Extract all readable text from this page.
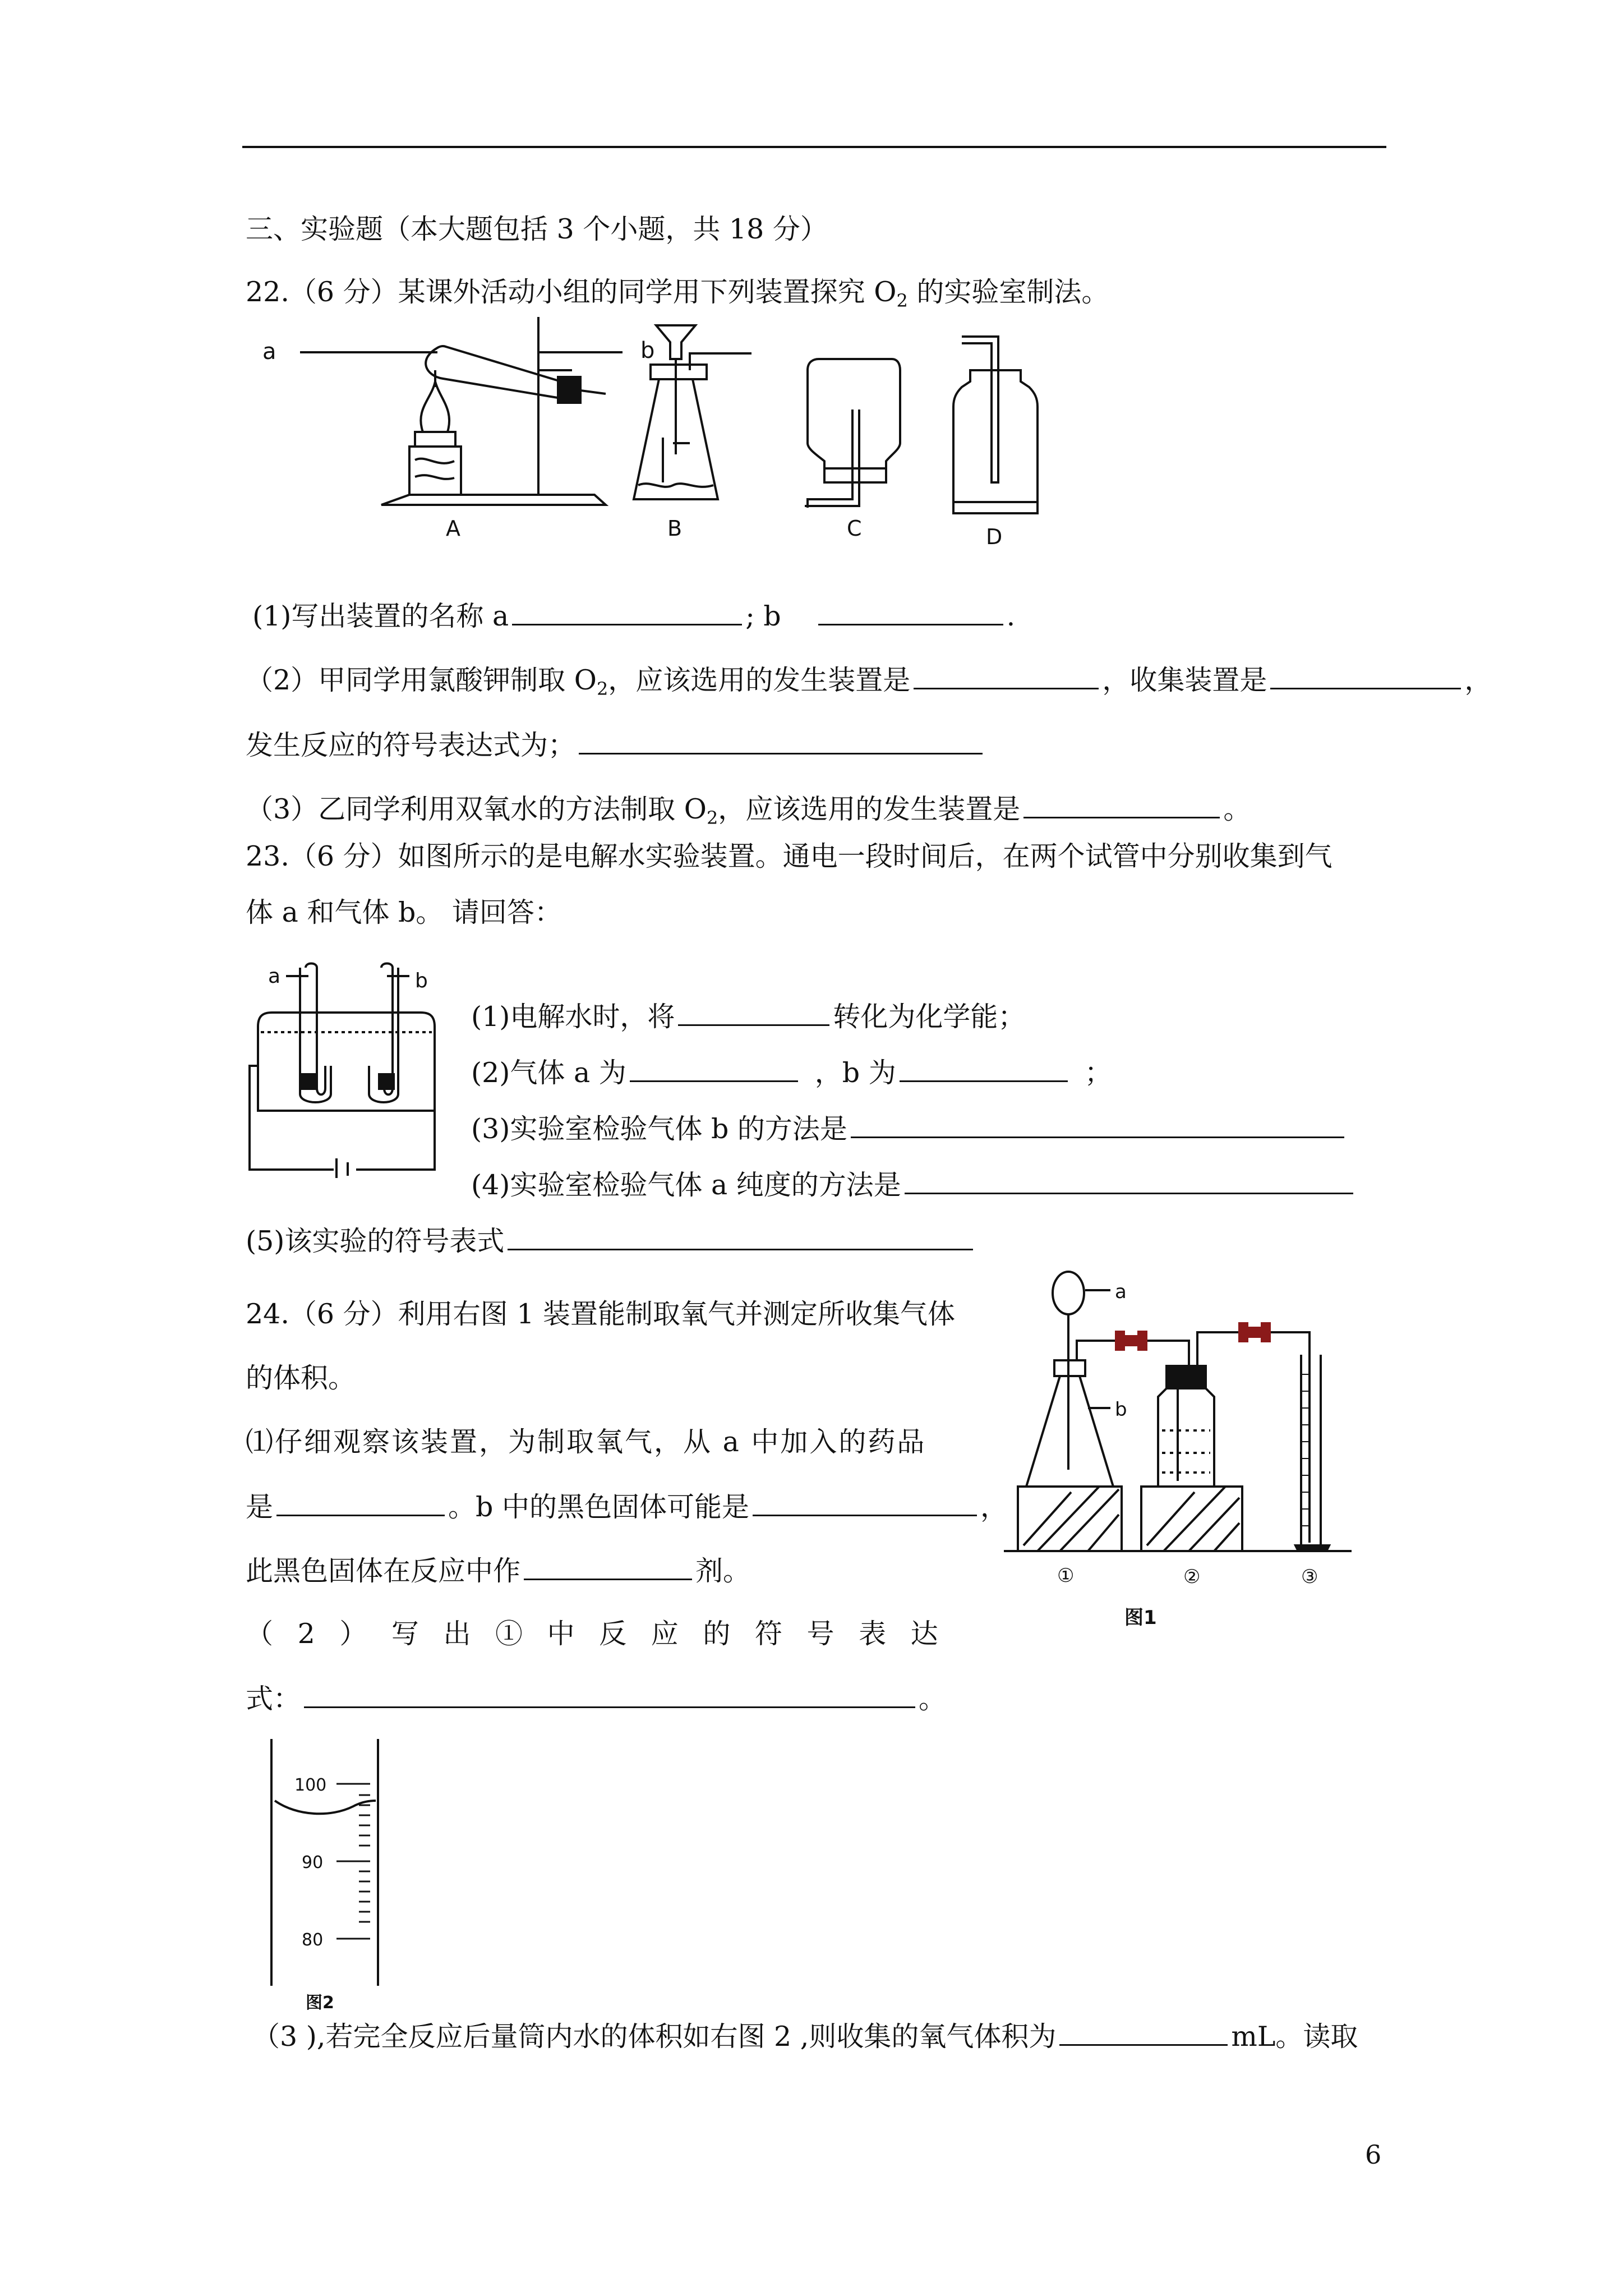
三、实验题（本大题包括 3 个小题，共 18 分）
22.（6 分）某课外活动小组的同学用下列装置探究 $O_2$ 的实验室制法。
a	b
A	B	C	D
(1)写出装置的名称 a	; b	.
（2）甲同学用氯酸钾制取 $O_2$，应该选用的发生装置是	，收集装置是	，
发生反应的符号表达式为；
（3）乙同学利用双氧水的方法制取 $O_2$，应该选用的发生装置是	。
23.（6 分）如图所示的是电解水实验装置。通电一段时间后，在两个试管中分别收集到气
体 a 和气体 b。 请回答：
a	b
(1)电解水时，将	转化为化学能；
(2)气体 a 为	，b 为	；
(3)实验室检验气体 b 的方法是
(4)实验室检验气体 a 纯度的方法是
(5)该实验的符号表式
24.（6 分）利用右图 1 装置能制取氧气并测定所收集气体
的体积。
⑴仔细观察该装置，为制取氧气，从 a 中加入的药品
是	。b 中的黑色固体可能是	，
此黑色固体在反应中作	剂。
（ 2 ） 写 出 ① 中 反 应 的 符 号 表 达
式：	。
a
b
①	②	③
图1
100
90
80
图2
（3 ),若完全反应后量筒内水的体积如右图 2 ,则收集的氧气体积为	mL。读取
6
